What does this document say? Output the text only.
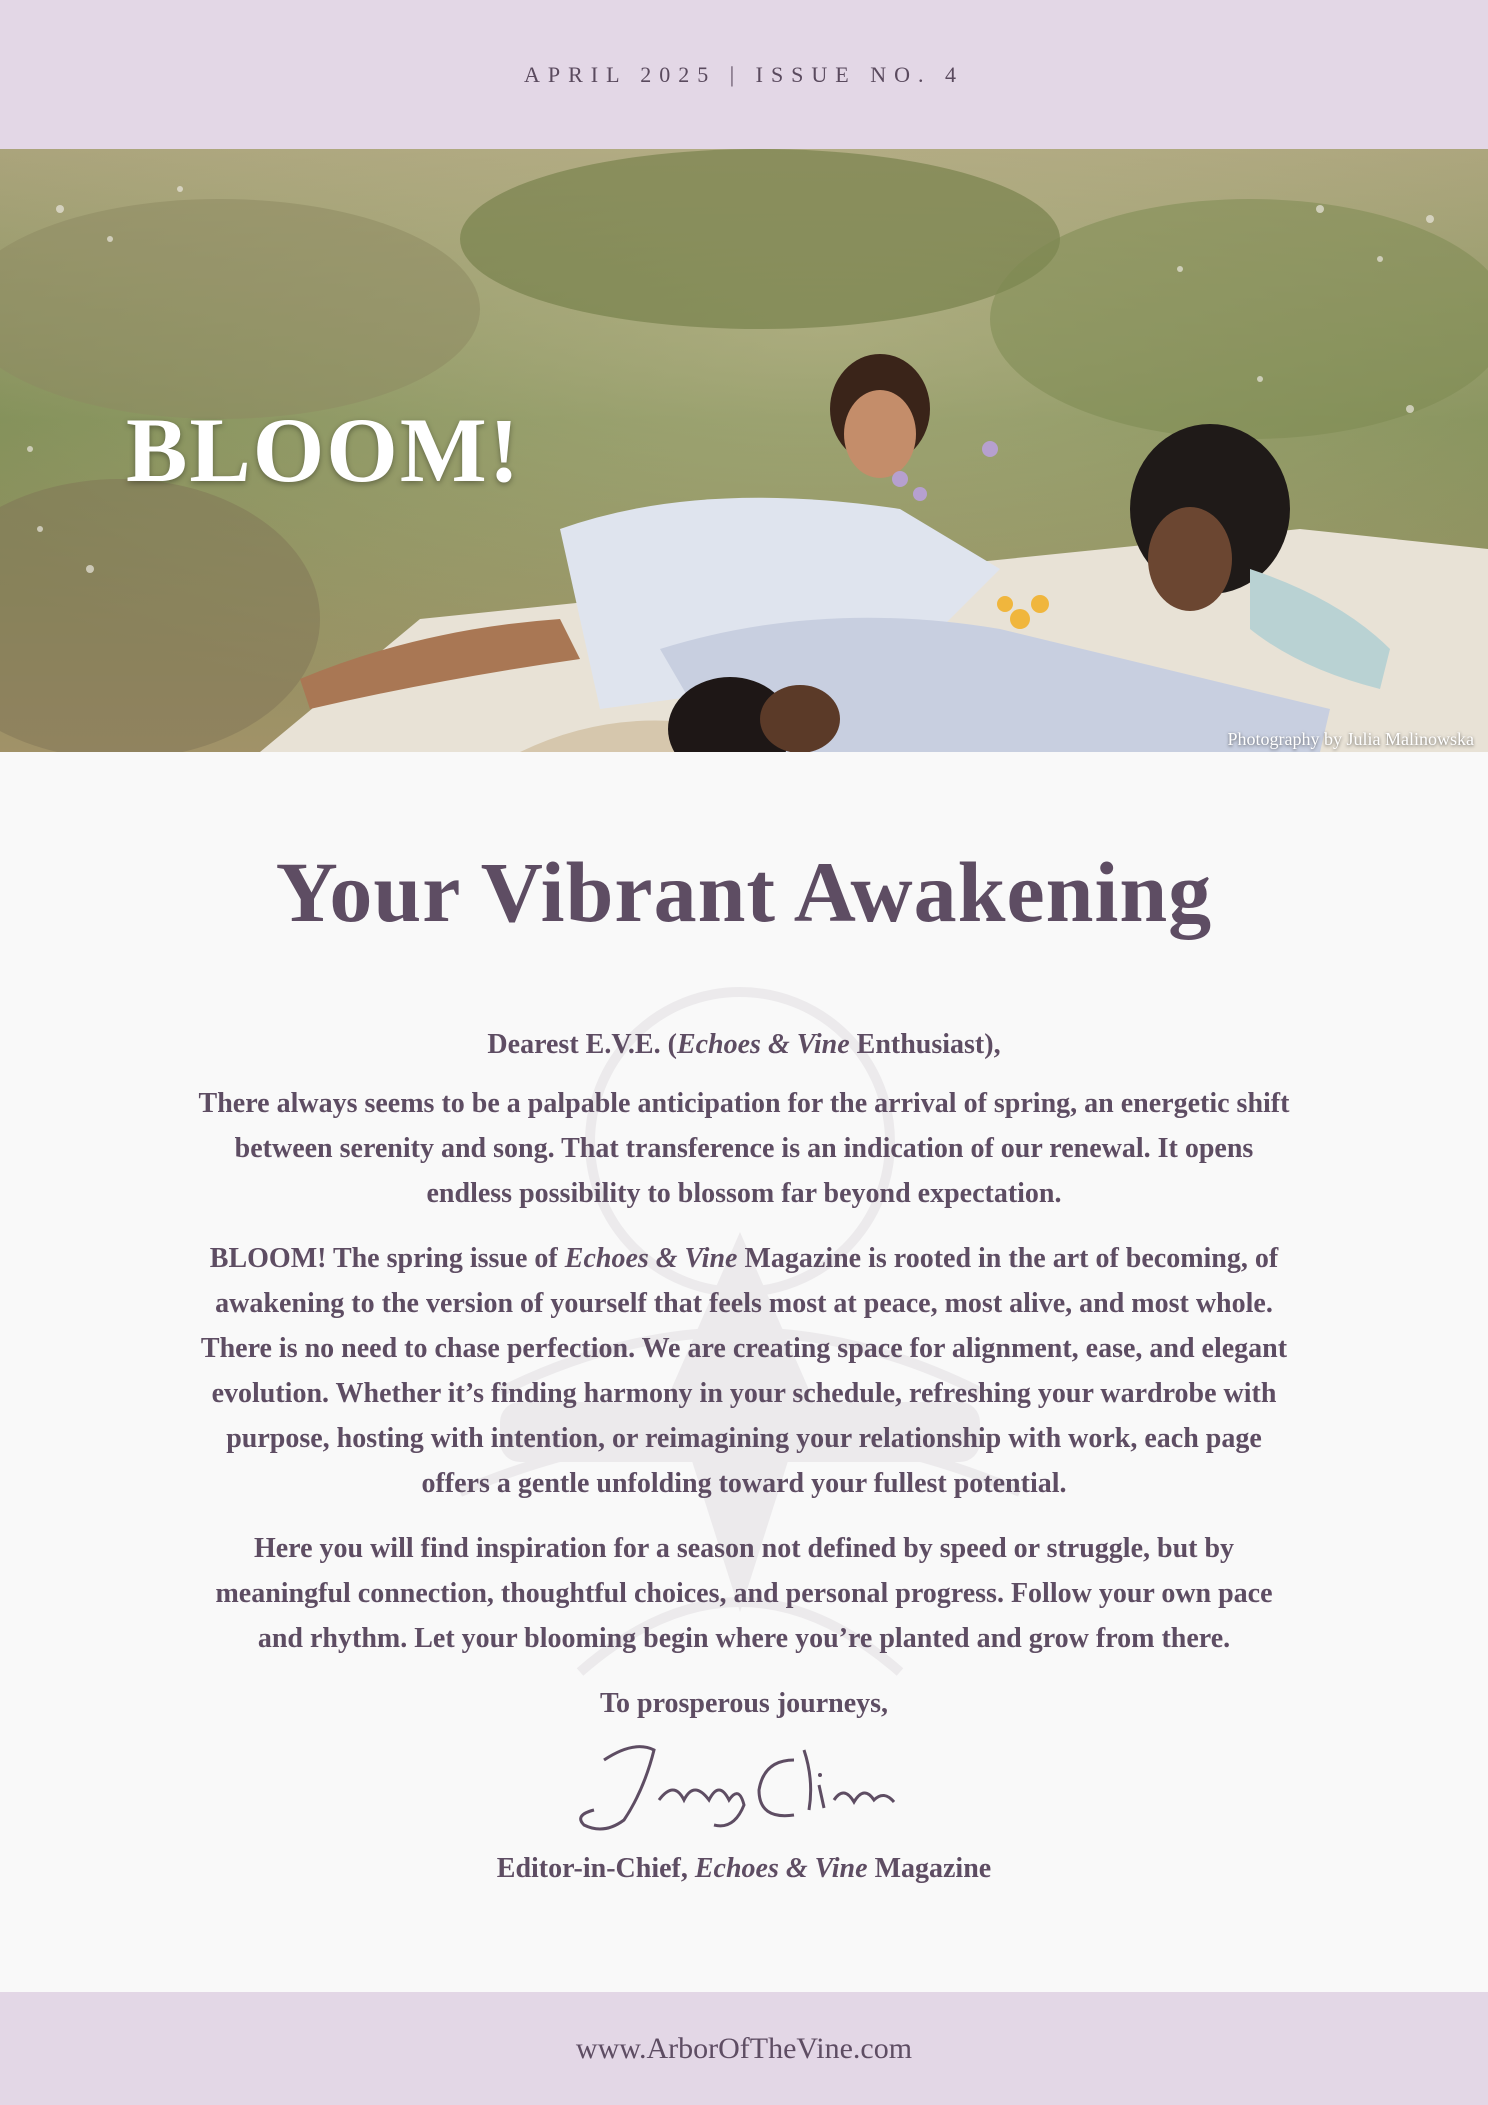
APRIL 2025 | ISSUE NO. 4
BLOOM!
Photography by Julia Malinowska
Your Vibrant Awakening

Dearest E.V.E. (Echoes & Vine Enthusiast),

There always seems to be a palpable anticipation for the arrival of spring, an energetic shift between serenity and song. That transference is an indication of our renewal. It opens endless possibility to blossom far beyond expectation.

BLOOM! The spring issue of Echoes & Vine Magazine is rooted in the art of becoming, of awakening to the version of yourself that feels most at peace, most alive, and most whole. There is no need to chase perfection. We are creating space for alignment, ease, and elegant evolution. Whether it’s finding harmony in your schedule, refreshing your wardrobe with purpose, hosting with intention, or reimagining your relationship with work, each page offers a gentle unfolding toward your fullest potential.

Here you will find inspiration for a season not defined by speed or struggle, but by meaningful connection, thoughtful choices, and personal progress. Follow your own pace and rhythm. Let your blooming begin where you’re planted and grow from there.

To prosperous journeys,

Editor-in-Chief, Echoes & Vine Magazine

www.ArborOfTheVine.com
